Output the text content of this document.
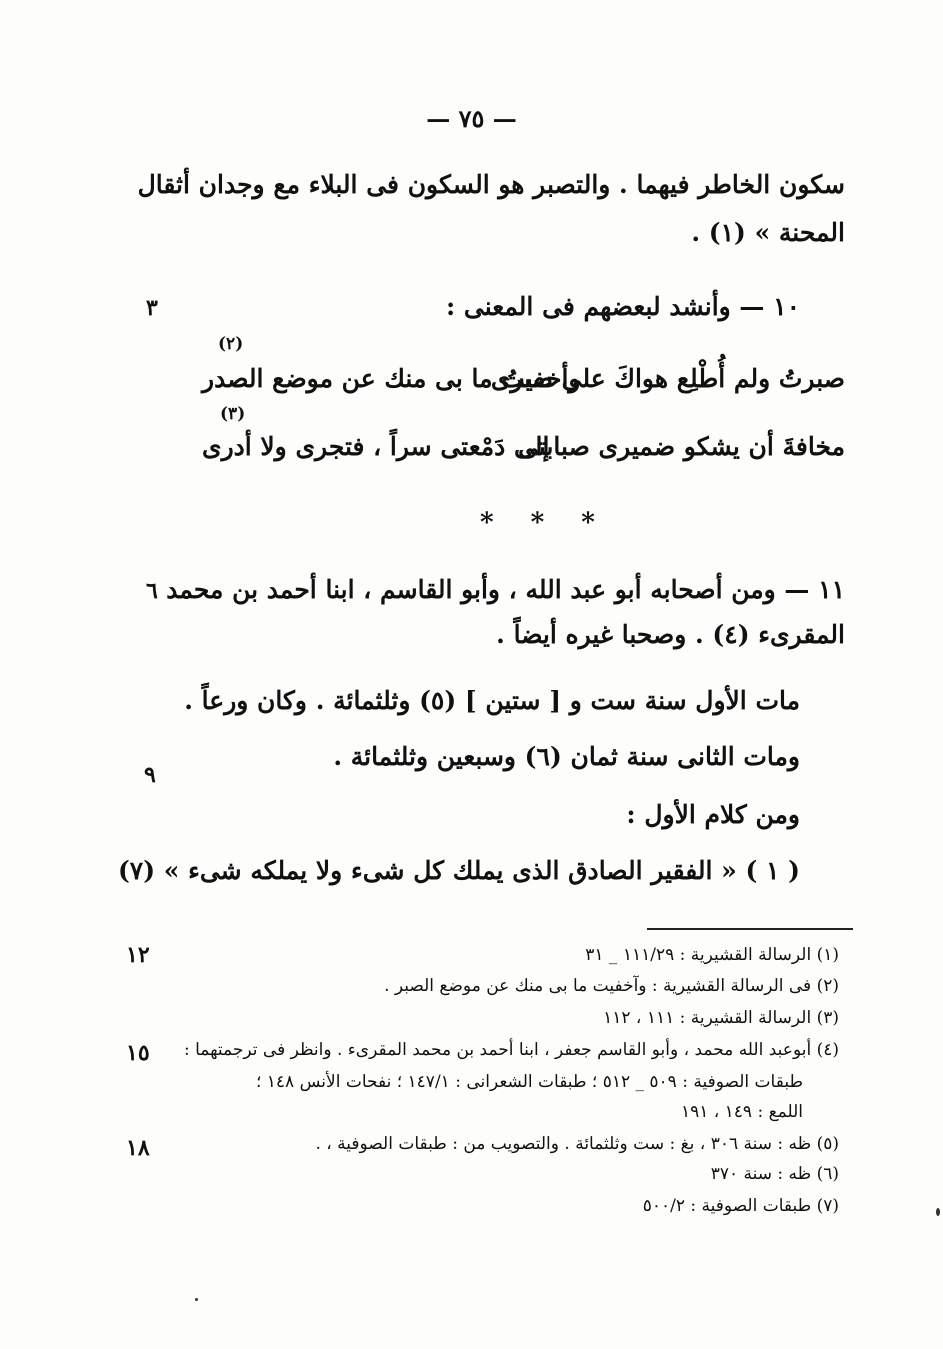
— ٧٥ —
سكون الخاطر فيهما . والتصبر هو السكون فى البلاء مع وجدان أثقال
المحنة » (١) .
١٠ — وأنشد لبعضهم فى المعنى :
٣
(٢)
صبرتُ ولم أُطْلِع هواكَ على صبرى
وأخفيتُ ما بى منك عن موضع الصدر
(٣)
مخافةَ أن يشكو ضميرى صبابتى
إلى دَمْعتى سراً ، فتجرى ولا أدرى
* * *
١١ — ومن أصحابه أبو عبد الله ، وأبو القاسم ، ابنا أحمد بن محمد
٦
المقرىء (٤) . وصحبا غيره أيضاً .
مات الأول سنة ست و [ ستين ] (٥) وثلثمائة . وكان ورعاً .
ومات الثانى سنة ثمان (٦) وسبعين وثلثمائة .
٩
ومن كلام الأول :
( ١ ) « الفقير الصادق الذى يملك كل شىء ولا يملكه شىء » (٧)
(١) الرسالة القشيرية : ١١١/٢٩ _ ٣١
١٢
(٢) فى الرسالة القشيرية : وآخفيت ما بى منك عن موضع الصبر .
(٣) الرسالة القشيرية : ١١١ ، ١١٢
(٤) أبوعبد الله محمد ، وأبو القاسم جعفر ، ابنا أحمد بن محمد المقرىء . وانظر فى ترجمتهما :
١٥
طبقات الصوفية : ٥٠٩ _ ٥١٢ ؛ طبقات الشعرانى : ١٤٧/١ ؛ نفحات الأنس ١٤٨ ؛
اللمع : ١٤٩ ، ١٩١
(٥) ظه : سنة ٣٠٦ ، بغ : ست وثلثمائة . والتصويب من : طبقات الصوفية ، .
١٨
(٦) ظه : سنة ٣٧٠
(٧) طبقات الصوفية : ٥٠٠/٢
